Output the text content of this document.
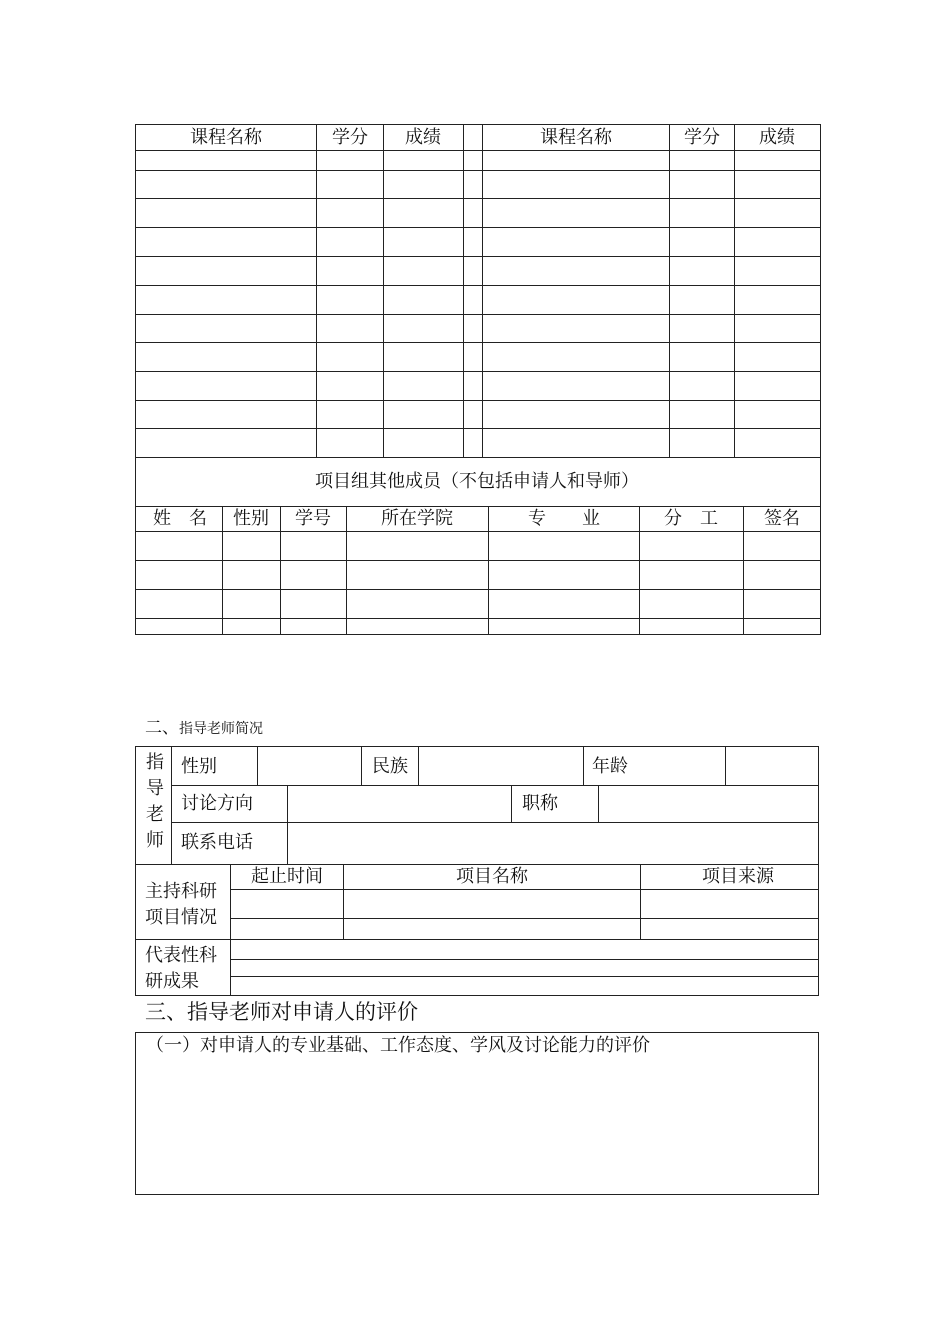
课程名称	学分 成绩	课程名称	学分 成绩
项目组其他成员（不包括申请人和导师）
姓　名 性别 学号	所在学院	专　　业	分　工	签名
二、指导老师简况
指
导
老
师
性别	民族	年龄
讨论方向	职称
联系电话
主持科研
项目情况
起止时间	项目名称	项目来源
代表性科
研成果
三、指导老师对申请人的评价
（一）对申请人的专业基础、工作态度、学风及讨论能力的评价
